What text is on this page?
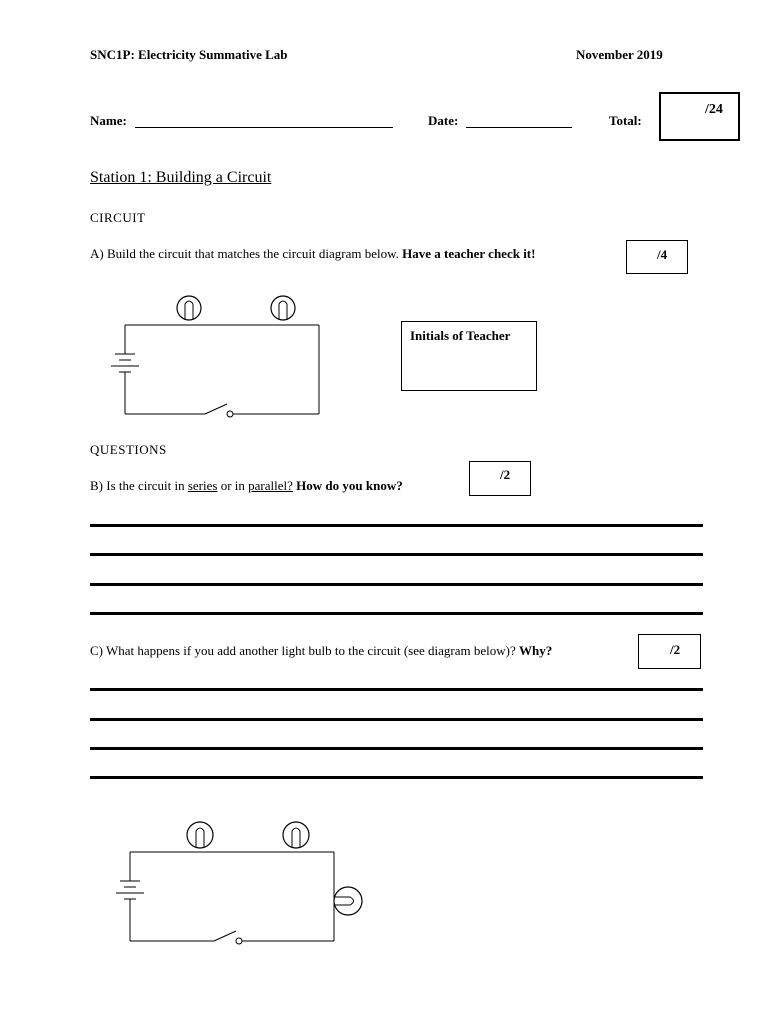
SNC1P: Electricity Summative Lab	November 2019
Name:	Date:	Total:
/24
Station 1: Building a Circuit
CIRCUIT
A) Build the circuit that matches the circuit diagram below. Have a teacher check it!	/4
Initials of Teacher
QUESTIONS
B) Is the circuit in series or in parallel? How do you know?
/2
C) What happens if you add another light bulb to the circuit (see diagram below)? Why?	/2
